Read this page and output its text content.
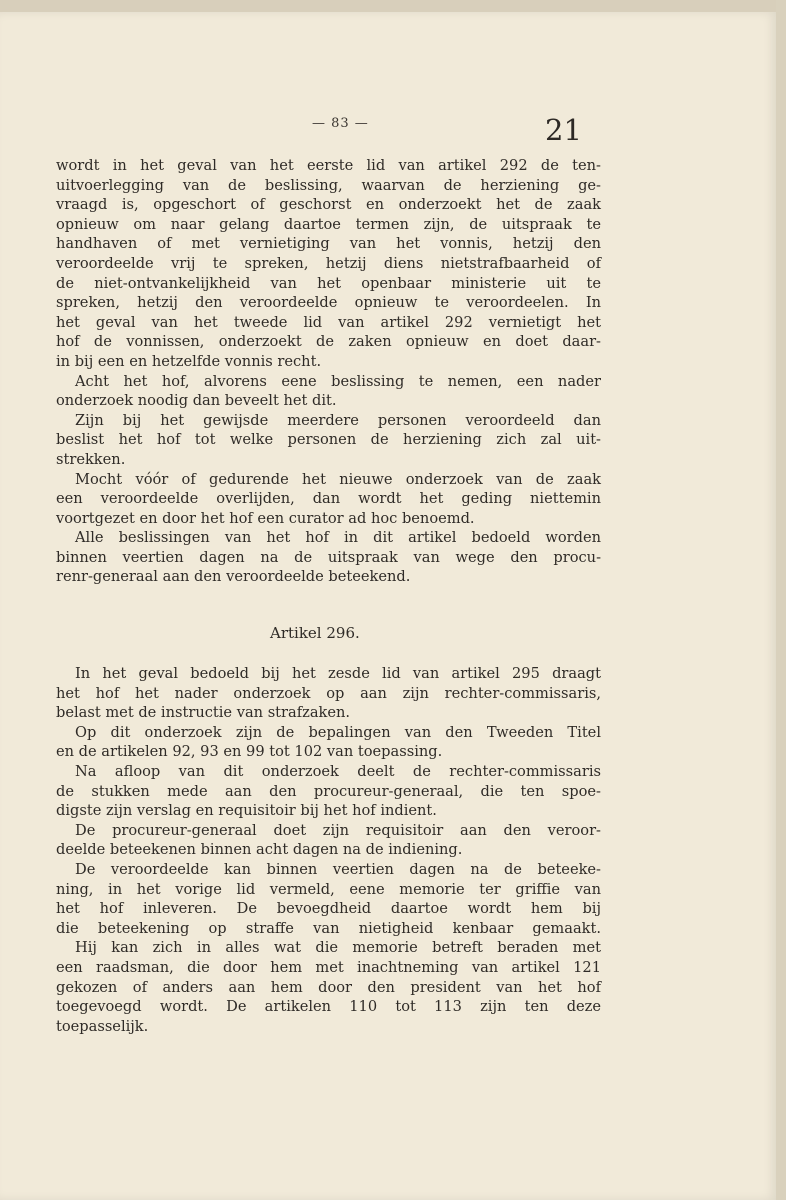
— 83 —	21
wordt in het geval van het eerste lid van artikel 292 de ten-
uitvoerlegging van de beslissing, waarvan de herziening ge-
vraagd is, opgeschort of geschorst en onderzoekt het de zaak
opnieuw om naar gelang daartoe termen zijn, de uitspraak te
handhaven of met vernietiging van het vonnis, hetzij den
veroordeelde vrij te spreken, hetzij diens nietstrafbaarheid of
de niet-ontvankelijkheid van het openbaar ministerie uit te
spreken, hetzij den veroordeelde opnieuw te veroordeelen. In
het geval van het tweede lid van artikel 292 vernietigt het
hof de vonnissen, onderzoekt de zaken opnieuw en doet daar-
in bij een en hetzelfde vonnis recht.
Acht het hof, alvorens eene beslissing te nemen, een nader
onderzoek noodig dan beveelt het dit.
Zijn bij het gewijsde meerdere personen veroordeeld dan
beslist het hof tot welke personen de herziening zich zal uit-
strekken.
Mocht vóór of gedurende het nieuwe onderzoek van de zaak
een veroordeelde overlijden, dan wordt het geding niettemin
voortgezet en door het hof een curator ad hoc benoemd.
Alle beslissingen van het hof in dit artikel bedoeld worden
binnen veertien dagen na de uitspraak van wege den procu-
renr-generaal aan den veroordeelde beteekend.
Artikel 296.
In het geval bedoeld bij het zesde lid van artikel 295 draagt
het hof het nader onderzoek op aan zijn rechter-commissaris,
belast met de instructie van strafzaken.
Op dit onderzoek zijn de bepalingen van den Tweeden Titel
en de artikelen 92, 93 en 99 tot 102 van toepassing.
Na afloop van dit onderzoek deelt de rechter-commissaris
de stukken mede aan den procureur-generaal, die ten spoe-
digste zijn verslag en requisitoir bij het hof indient.
De procureur-generaal doet zijn requisitoir aan den veroor-
deelde beteekenen binnen acht dagen na de indiening.
De veroordeelde kan binnen veertien dagen na de beteeke-
ning, in het vorige lid vermeld, eene memorie ter griffie van
het hof inleveren. De bevoegdheid daartoe wordt hem bij
die beteekening op straffe van nietigheid kenbaar gemaakt.
Hij kan zich in alles wat die memorie betreft beraden met
een raadsman, die door hem met inachtneming van artikel 121
gekozen of anders aan hem door den president van het hof
toegevoegd wordt. De artikelen 110 tot 113 zijn ten deze
toepasselijk.
